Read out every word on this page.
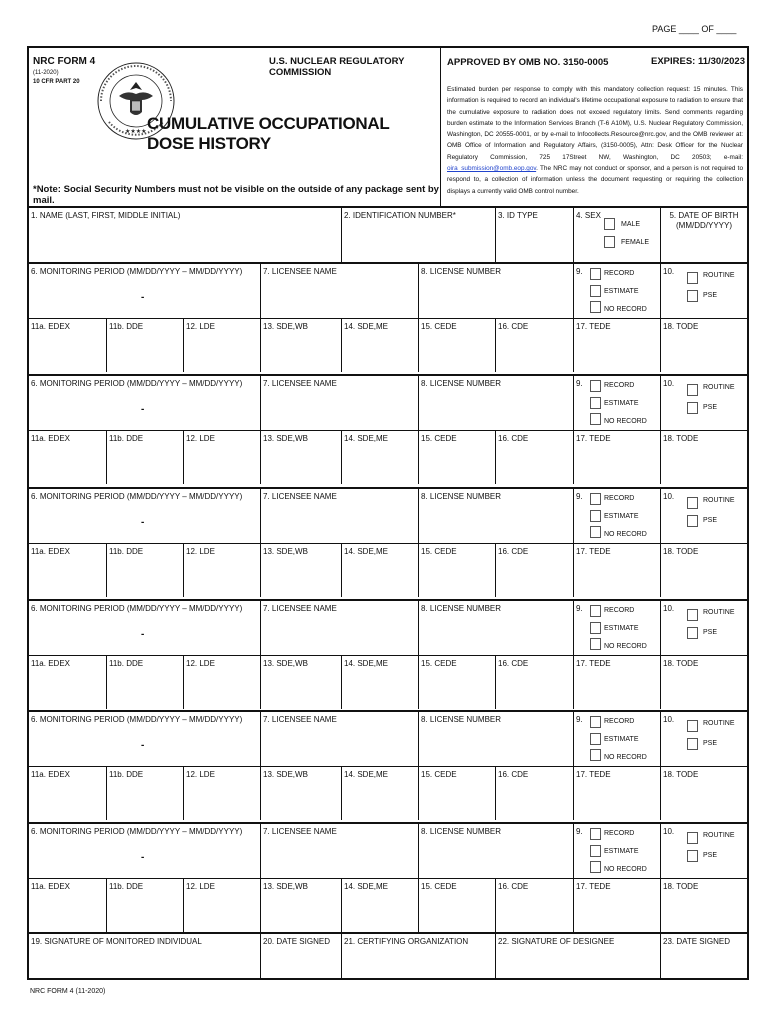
PAGE ____ OF ____
NRC FORM 4
(11-2020)
10 CFR PART 20
U.S. NUCLEAR REGULATORY COMMISSION
★★★★ CUMULATIVE OCCUPATIONAL DOSE HISTORY
*Note: Social Security Numbers must not be visible on the outside of any package sent by mail.
APPROVED BY OMB NO. 3150-0005	EXPIRES: 11/30/2023
Estimated burden per response to comply with this mandatory collection request: 15 minutes. This information is required to record an individual's lifetime occupational exposure to radiation to ensure that the cumulative exposure to radiation does not exceed regulatory limits. Send comments regarding burden estimate to the Information Services Branch (T-6 A10M), U.S. Nuclear Regulatory Commission, Washington, DC 20555-0001, or by e-mail to Infocollects.Resource@nrc.gov, and the OMB reviewer at: OMB Office of Information and Regulatory Affairs, (3150-0005), Attn: Desk Officer for the Nuclear Regulatory Commission, 725 17Street NW, Washington, DC 20503; e-mail: oira_submission@omb.eop.gov. The NRC may not conduct or sponsor, and a person is not required to respond to, a collection of information unless the document requesting or requiring the collection displays a currently valid OMB control number.
1. NAME (LAST, FIRST, MIDDLE INITIAL)	2. IDENTIFICATION NUMBER*	3. ID TYPE	4. SEX
MALE
FEMALE
5. DATE OF BIRTH (MM/DD/YYYY)
6. MONITORING PERIOD (MM/DD/YYYY – MM/DD/YYYY)
-
7. LICENSEE NAME	8. LICENSE NUMBER	9.	RECORD
ESTIMATE
NO RECORD
10.	ROUTINE
PSE
11a. EDEX	11b. DDE	12. LDE	13. SDE,WB	14. SDE,ME	15. CEDE	16. CDE	17. TEDE	18. TODE
6. MONITORING PERIOD (MM/DD/YYYY – MM/DD/YYYY)
-
7. LICENSEE NAME	8. LICENSE NUMBER	9.	RECORD
ESTIMATE
NO RECORD
10.	ROUTINE
PSE
11a. EDEX	11b. DDE	12. LDE	13. SDE,WB	14. SDE,ME	15. CEDE	16. CDE	17. TEDE	18. TODE
6. MONITORING PERIOD (MM/DD/YYYY – MM/DD/YYYY)
-
7. LICENSEE NAME	8. LICENSE NUMBER	9.	RECORD
ESTIMATE
NO RECORD
10.	ROUTINE
PSE
11a. EDEX	11b. DDE	12. LDE	13. SDE,WB	14. SDE,ME	15. CEDE	16. CDE	17. TEDE	18. TODE
6. MONITORING PERIOD (MM/DD/YYYY – MM/DD/YYYY)
-
7. LICENSEE NAME	8. LICENSE NUMBER	9.	RECORD
ESTIMATE
NO RECORD
10.	ROUTINE
PSE
11a. EDEX	11b. DDE	12. LDE	13. SDE,WB	14. SDE,ME	15. CEDE	16. CDE	17. TEDE	18. TODE
6. MONITORING PERIOD (MM/DD/YYYY – MM/DD/YYYY)
-
7. LICENSEE NAME	8. LICENSE NUMBER	9.	RECORD
ESTIMATE
NO RECORD
10.	ROUTINE
PSE
11a. EDEX	11b. DDE	12. LDE	13. SDE,WB	14. SDE,ME	15. CEDE	16. CDE	17. TEDE	18. TODE
6. MONITORING PERIOD (MM/DD/YYYY – MM/DD/YYYY)
-
7. LICENSEE NAME	8. LICENSE NUMBER	9.	RECORD
ESTIMATE
NO RECORD
10.	ROUTINE
PSE
11a. EDEX	11b. DDE	12. LDE	13. SDE,WB	14. SDE,ME	15. CEDE	16. CDE	17. TEDE	18. TODE
19. SIGNATURE OF MONITORED INDIVIDUAL	20. DATE SIGNED	21. CERTIFYING ORGANIZATION	22. SIGNATURE OF DESIGNEE	23. DATE SIGNED
NRC FORM 4 (11-2020)
